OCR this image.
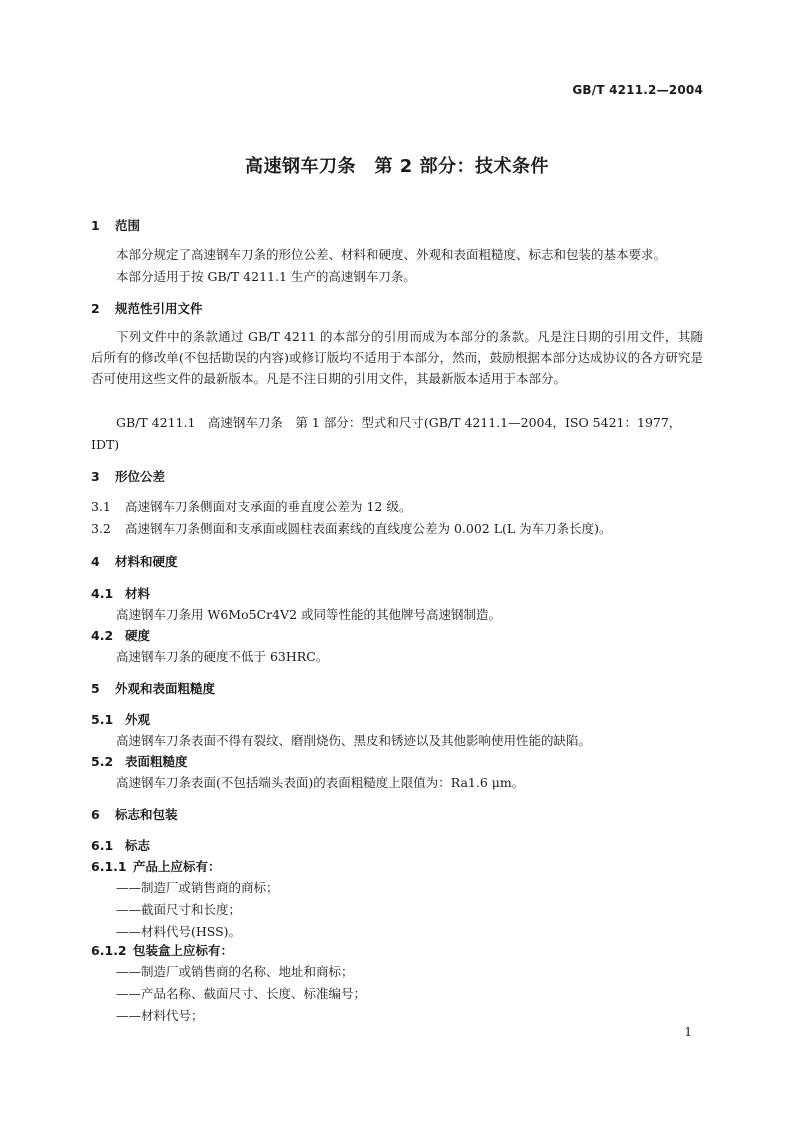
GB/T 4211.2—2004
高速钢车刀条　第 2 部分：技术条件
1 范围
本部分规定了高速钢车刀条的形位公差、材料和硬度、外观和表面粗糙度、标志和包装的基本要求。
本部分适用于按 GB/T 4211.1 生产的高速钢车刀条。
2 规范性引用文件

下列文件中的条款通过 GB/T 4211 的本部分的引用而成为本部分的条款。凡是注日期的引用文件，其随后所有的修改单(不包括勘误的内容)或修订版均不适用于本部分，然而，鼓励根据本部分达成协议的各方研究是否可使用这些文件的最新版本。凡是不注日期的引用文件，其最新版本适用于本部分。

GB/T 4211.1　高速钢车刀条　第 1 部分：型式和尺寸(GB/T 4211.1—2004，ISO 5421：1977，
IDT)
3 形位公差
3.1 高速钢车刀条侧面对支承面的垂直度公差为 12 级。
3.2 高速钢车刀条侧面和支承面或圆柱表面素线的直线度公差为 0.002 L(L 为车刀条长度)。
4 材料和硬度
4.1 材料
高速钢车刀条用 W6Mo5Cr4V2 或同等性能的其他牌号高速钢制造。
4.2 硬度
高速钢车刀条的硬度不低于 63HRC。
5 外观和表面粗糙度
5.1 外观
高速钢车刀条表面不得有裂纹、磨削烧伤、黑皮和锈迹以及其他影响使用性能的缺陷。
5.2 表面粗糙度
高速钢车刀条表面(不包括端头表面)的表面粗糙度上限值为：Ra1.6 μm。
6 标志和包装
6.1 标志
6.1.1 产品上应标有：
——制造厂或销售商的商标；
——截面尺寸和长度；
——材料代号(HSS)。
6.1.2 包装盒上应标有：
——制造厂或销售商的名称、地址和商标；
——产品名称、截面尺寸、长度、标准编号；
——材料代号；
1
